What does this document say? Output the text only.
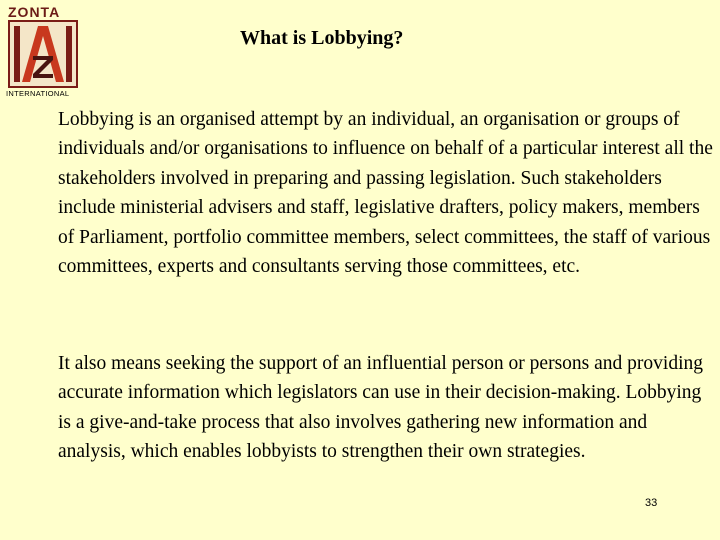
ZONTA
INTERNATIONAL
What is Lobbying?

Lobbying is an organised attempt by an individual, an organisation or groups of individuals and/or organisations to influence on behalf of a particular interest all the stakeholders involved in preparing and passing legislation. Such stakeholders include ministerial advisers and staff, legislative drafters, policy makers, members of Parliament, portfolio committee members, select committees, the staff of various committees, experts and consultants serving those committees, etc.

It also means seeking the support of an influential person or persons and providing accurate information which legislators can use in their decision-making. Lobbying is a give-and-take process that also involves gathering new information and analysis, which enables lobbyists to strengthen their own strategies.

33
